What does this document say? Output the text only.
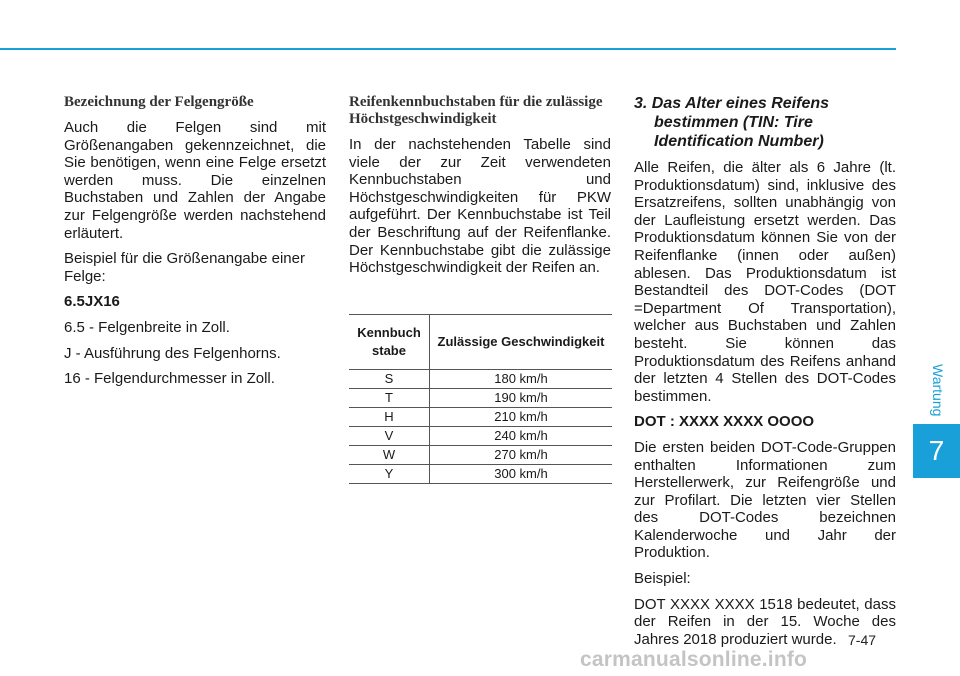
Wartung
7

Bezeichnung der Felgengröße

Auch die Felgen sind mit Größenangaben gekennzeichnet, die Sie benötigen, wenn eine Felge ersetzt werden muss. Die einzelnen Buchstaben und Zahlen der Angabe zur Felgengröße werden nachstehend erläutert.

Beispiel für die Größenangabe einer Felge:

6.5JX16

6.5 - Felgenbreite in Zoll.

J - Ausführung des Felgenhorns.

16 - Felgendurchmesser in Zoll.

Reifenkennbuchstaben für die zulässige Höchstgeschwindigkeit

In der nachstehenden Tabelle sind viele der zur Zeit verwendeten Kennbuchstaben und Höchstgeschwindigkeiten für PKW aufgeführt. Der Kennbuchstabe ist Teil der Beschriftung auf der Reifenflanke. Der Kennbuchstabe gibt die zulässige Höchstgeschwindigkeit der Reifen an.

Kennbuch stabe	Zulässige Geschwindigkeit
S	180 km/h
T	190 km/h
H	210 km/h
V	240 km/h
W	270 km/h
Y	300 km/h

3. Das Alter eines Reifens bestimmen (TIN: Tire Identification Number)

Alle Reifen, die älter als 6 Jahre (lt. Produktionsdatum) sind, inklusive des Ersatzreifens, sollten unabhängig von der Laufleistung ersetzt werden. Das Produktionsdatum können Sie von der Reifenflanke (innen oder außen) ablesen. Das Produktionsdatum ist Bestandteil des DOT-Codes (DOT =Department Of Transportation), welcher aus Buchstaben und Zahlen besteht. Sie können das Produktionsdatum des Reifens anhand der letzten 4 Stellen des DOT-Codes bestimmen.

DOT : XXXX XXXX OOOO

Die ersten beiden DOT-Code-Gruppen enthalten Informationen zum Herstellerwerk, zur Reifengröße und zur Profilart. Die letzten vier Stellen des DOT-Codes bezeichnen Kalenderwoche und Jahr der Produktion.

Beispiel:

DOT XXXX XXXX 1518 bedeutet, dass der Reifen in der 15. Woche des Jahres 2018 produziert wurde. 7-47
carmanualsonline.info
